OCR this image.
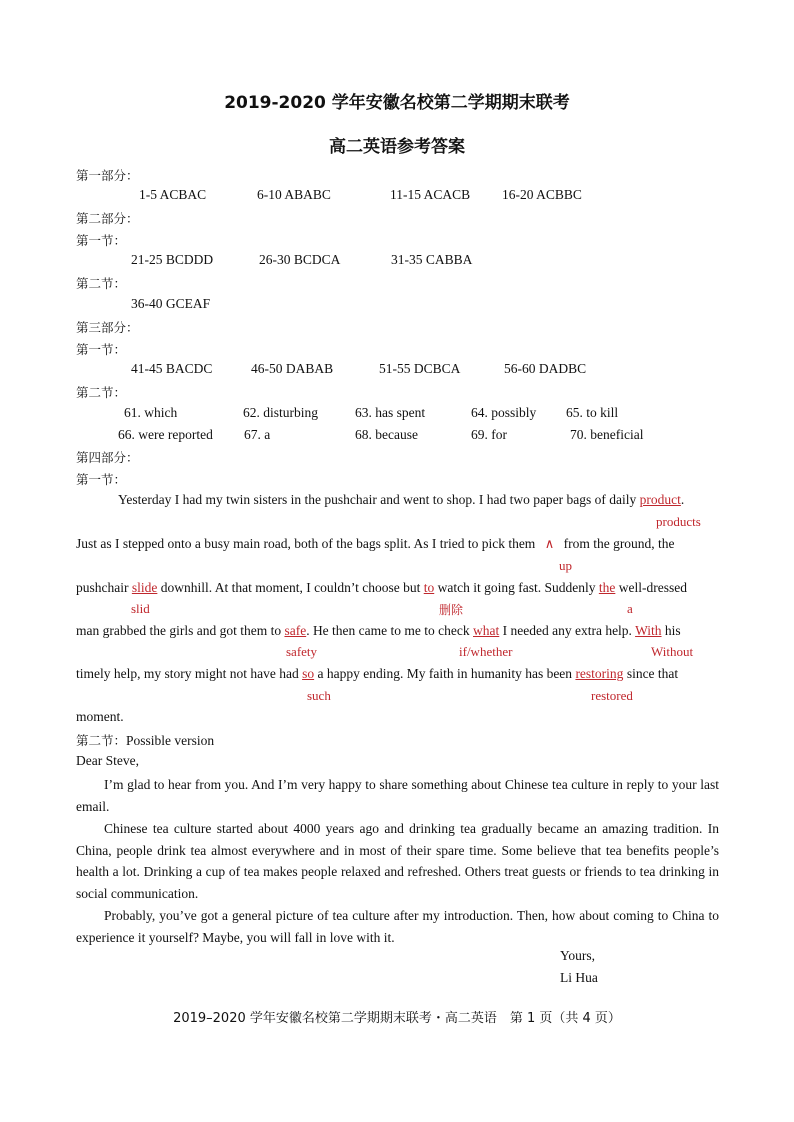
2019-2020 学年安徽名校第二学期期末联考
高二英语参考答案
第一部分：
1-5 ACBAC	6-10 ABABC	11-15 ACACB 16-20 ACBBC
第二部分：
第一节：
21-25 BCDDD	26-30 BCDCA	31-35 CABBA
第二节：
36-40 GCEAF
第三部分：
第一节：
41-45 BACDC	46-50 DABAB	51-55 DCBCA	56-60 DADBC
第二节：
61. which	62. disturbing	63. has spent	64. possibly 65. to kill
66. were reported 67. a	68. because	69. for	70. beneficial
第四部分：
第一节：
Yesterday I had my twin sisters in the pushchair and went to shop. I had two paper bags of daily product.
products
Just as I stepped onto a busy main road, both of the bags split. As I tried to pick them ∧ from the ground, the
up
pushchair slide downhill. At that moment, I couldn’t choose but to watch it going fast. Suddenly the well-dressed
slid	删除	a
man grabbed the girls and got them to safe. He then came to me to check what I needed any extra help. With his
safety	if/whether	Without
timely help, my story might not have had so a happy ending. My faith in humanity has been restoring since that
such	restored
moment.
第二节：Possible version
Dear Steve,
I’m glad to hear from you. And I’m very happy to share something about Chinese tea culture in reply to your last email.
Chinese tea culture started about 4000 years ago and drinking tea gradually became an amazing tradition. In China, people drink tea almost everywhere and in most of their spare time. Some believe that tea benefits people’s health a lot. Drinking a cup of tea makes people relaxed and refreshed. Others treat guests or friends to tea drinking in social communication.
Probably, you’ve got a general picture of tea culture after my introduction. Then, how about coming to China to experience it yourself? Maybe, you will fall in love with it.
Yours,
Li Hua
2019–2020 学年安徽名校第二学期期末联考・高二英语　第 1 页（共 4 页）
